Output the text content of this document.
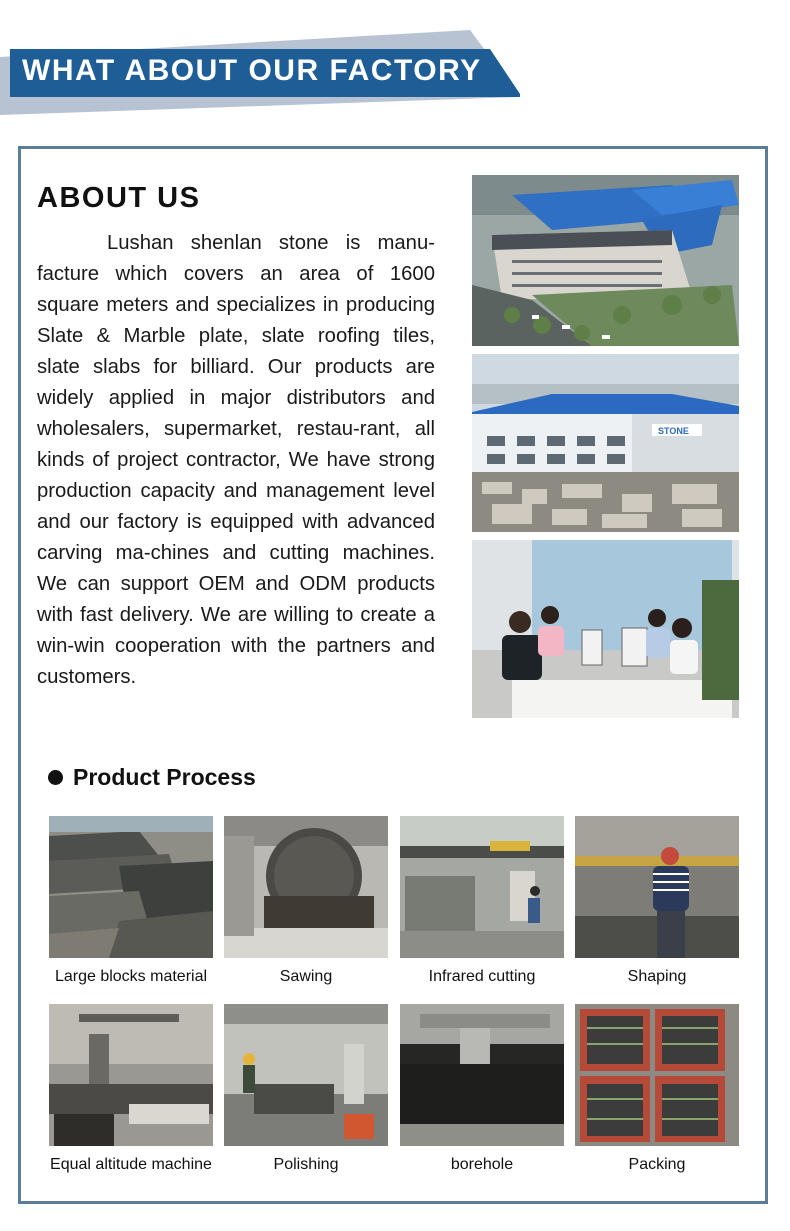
WHAT ABOUT OUR FACTORY
ABOUT US

Lushan shenlan stone is manu-facture which covers an area of 1600 square meters and specializes in producing Slate & Marble plate, slate roofing tiles, slate slabs for billiard. Our products are widely applied in major distributors and wholesalers, supermarket, restau-rant, all kinds of project contractor, We have strong production capacity and management level and our factory is equipped with advanced carving ma-chines and cutting machines. We can support OEM and ODM products with fast delivery. We are willing to create a win-win cooperation with the partners and customers.

STONE
Product Process
Large blocks material	Sawing	Infrared cutting	Shaping
Equal altitude machine	Polishing	borehole	Packing
